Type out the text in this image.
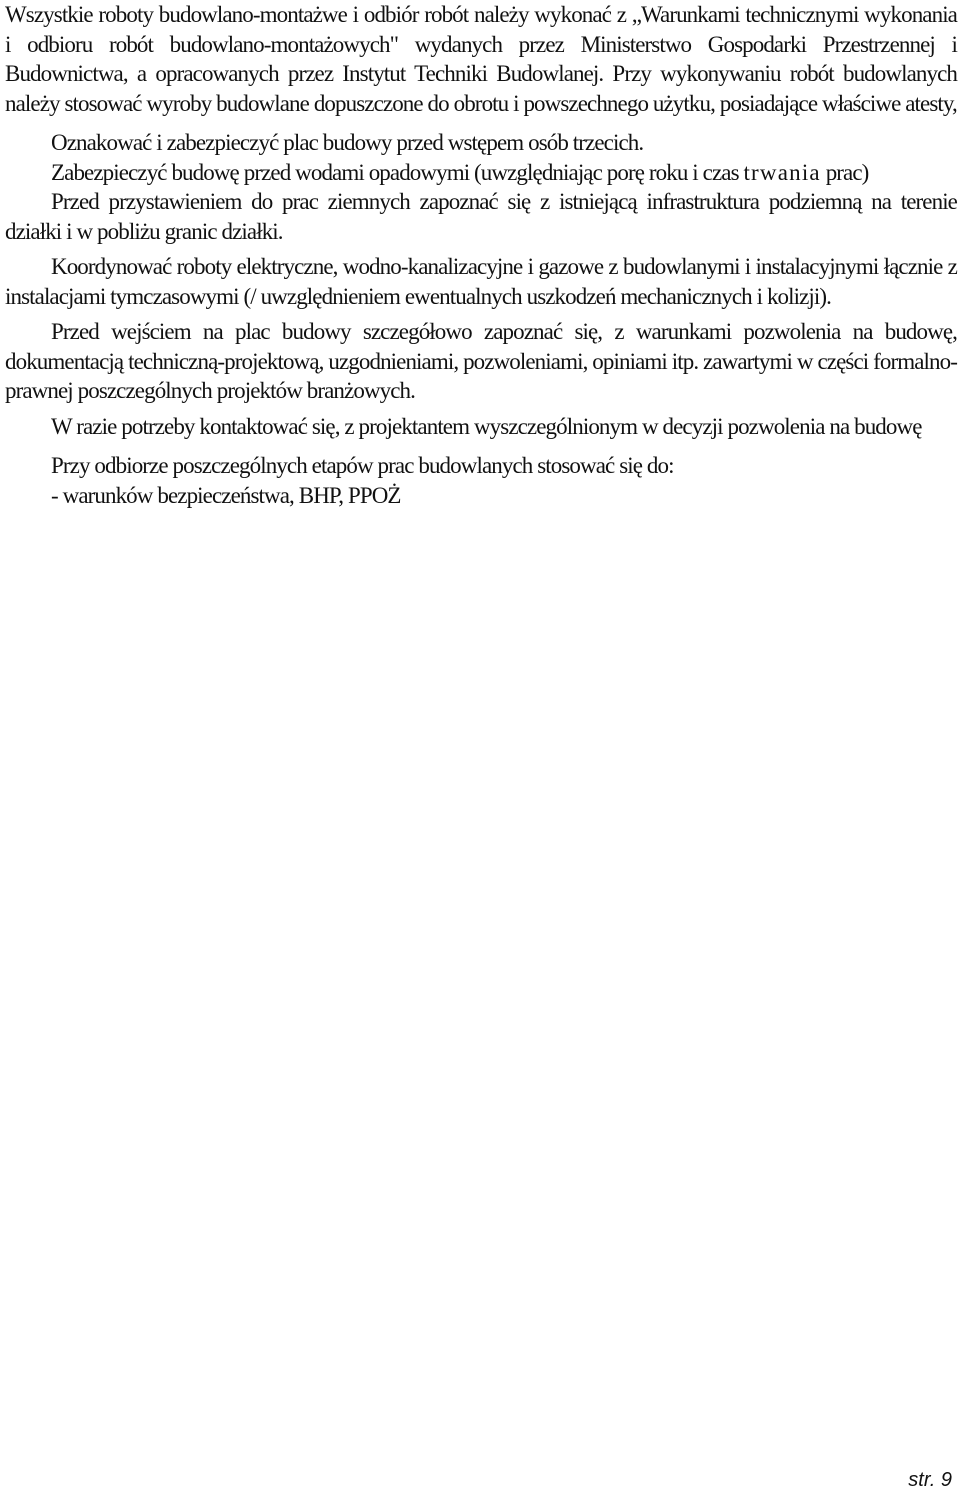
Wszystkie roboty budowlano-montażwe i odbiór robót należy wykonać z „Warunkami technicznymi wykonania i odbioru robót budowlano-montażowych" wydanych przez Ministerstwo Gospodarki Przestrzennej i Budownictwa, a opracowanych przez Instytut Techniki Budowlanej. Przy wykonywaniu robót budowlanych należy stosować wyroby budowlane dopuszczone do obrotu i powszechnego użytku, posiadające właściwe atesty,

Oznakować i zabezpieczyć plac budowy przed wstępem osób trzecich.

Zabezpieczyć budowę przed wodami opadowymi (uwzględniając porę roku i czas trwania prac)

Przed przystawieniem do prac ziemnych zapoznać się z istniejącą infrastruktura podziemną na terenie działki i w pobliżu granic działki.

Koordynować roboty elektryczne, wodno-kanalizacyjne i gazowe z budowlanymi i instalacyjnymi łącznie z instalacjami tymczasowymi (/ uwzględnieniem ewentualnych uszkodzeń mechanicznych i kolizji).

Przed wejściem na plac budowy szczegółowo zapoznać się, z warunkami pozwolenia na budowę, dokumentacją techniczną-projektową, uzgodnieniami, pozwoleniami, opiniami itp. zawartymi w części formalno-prawnej poszczególnych projektów branżowych.

W razie potrzeby kontaktować się, z projektantem wyszczególnionym w decyzji pozwolenia na budowę

Przy odbiorze poszczególnych etapów prac budowlanych stosować się do:

- warunków bezpieczeństwa, BHP, PPOŻ

str. 9
